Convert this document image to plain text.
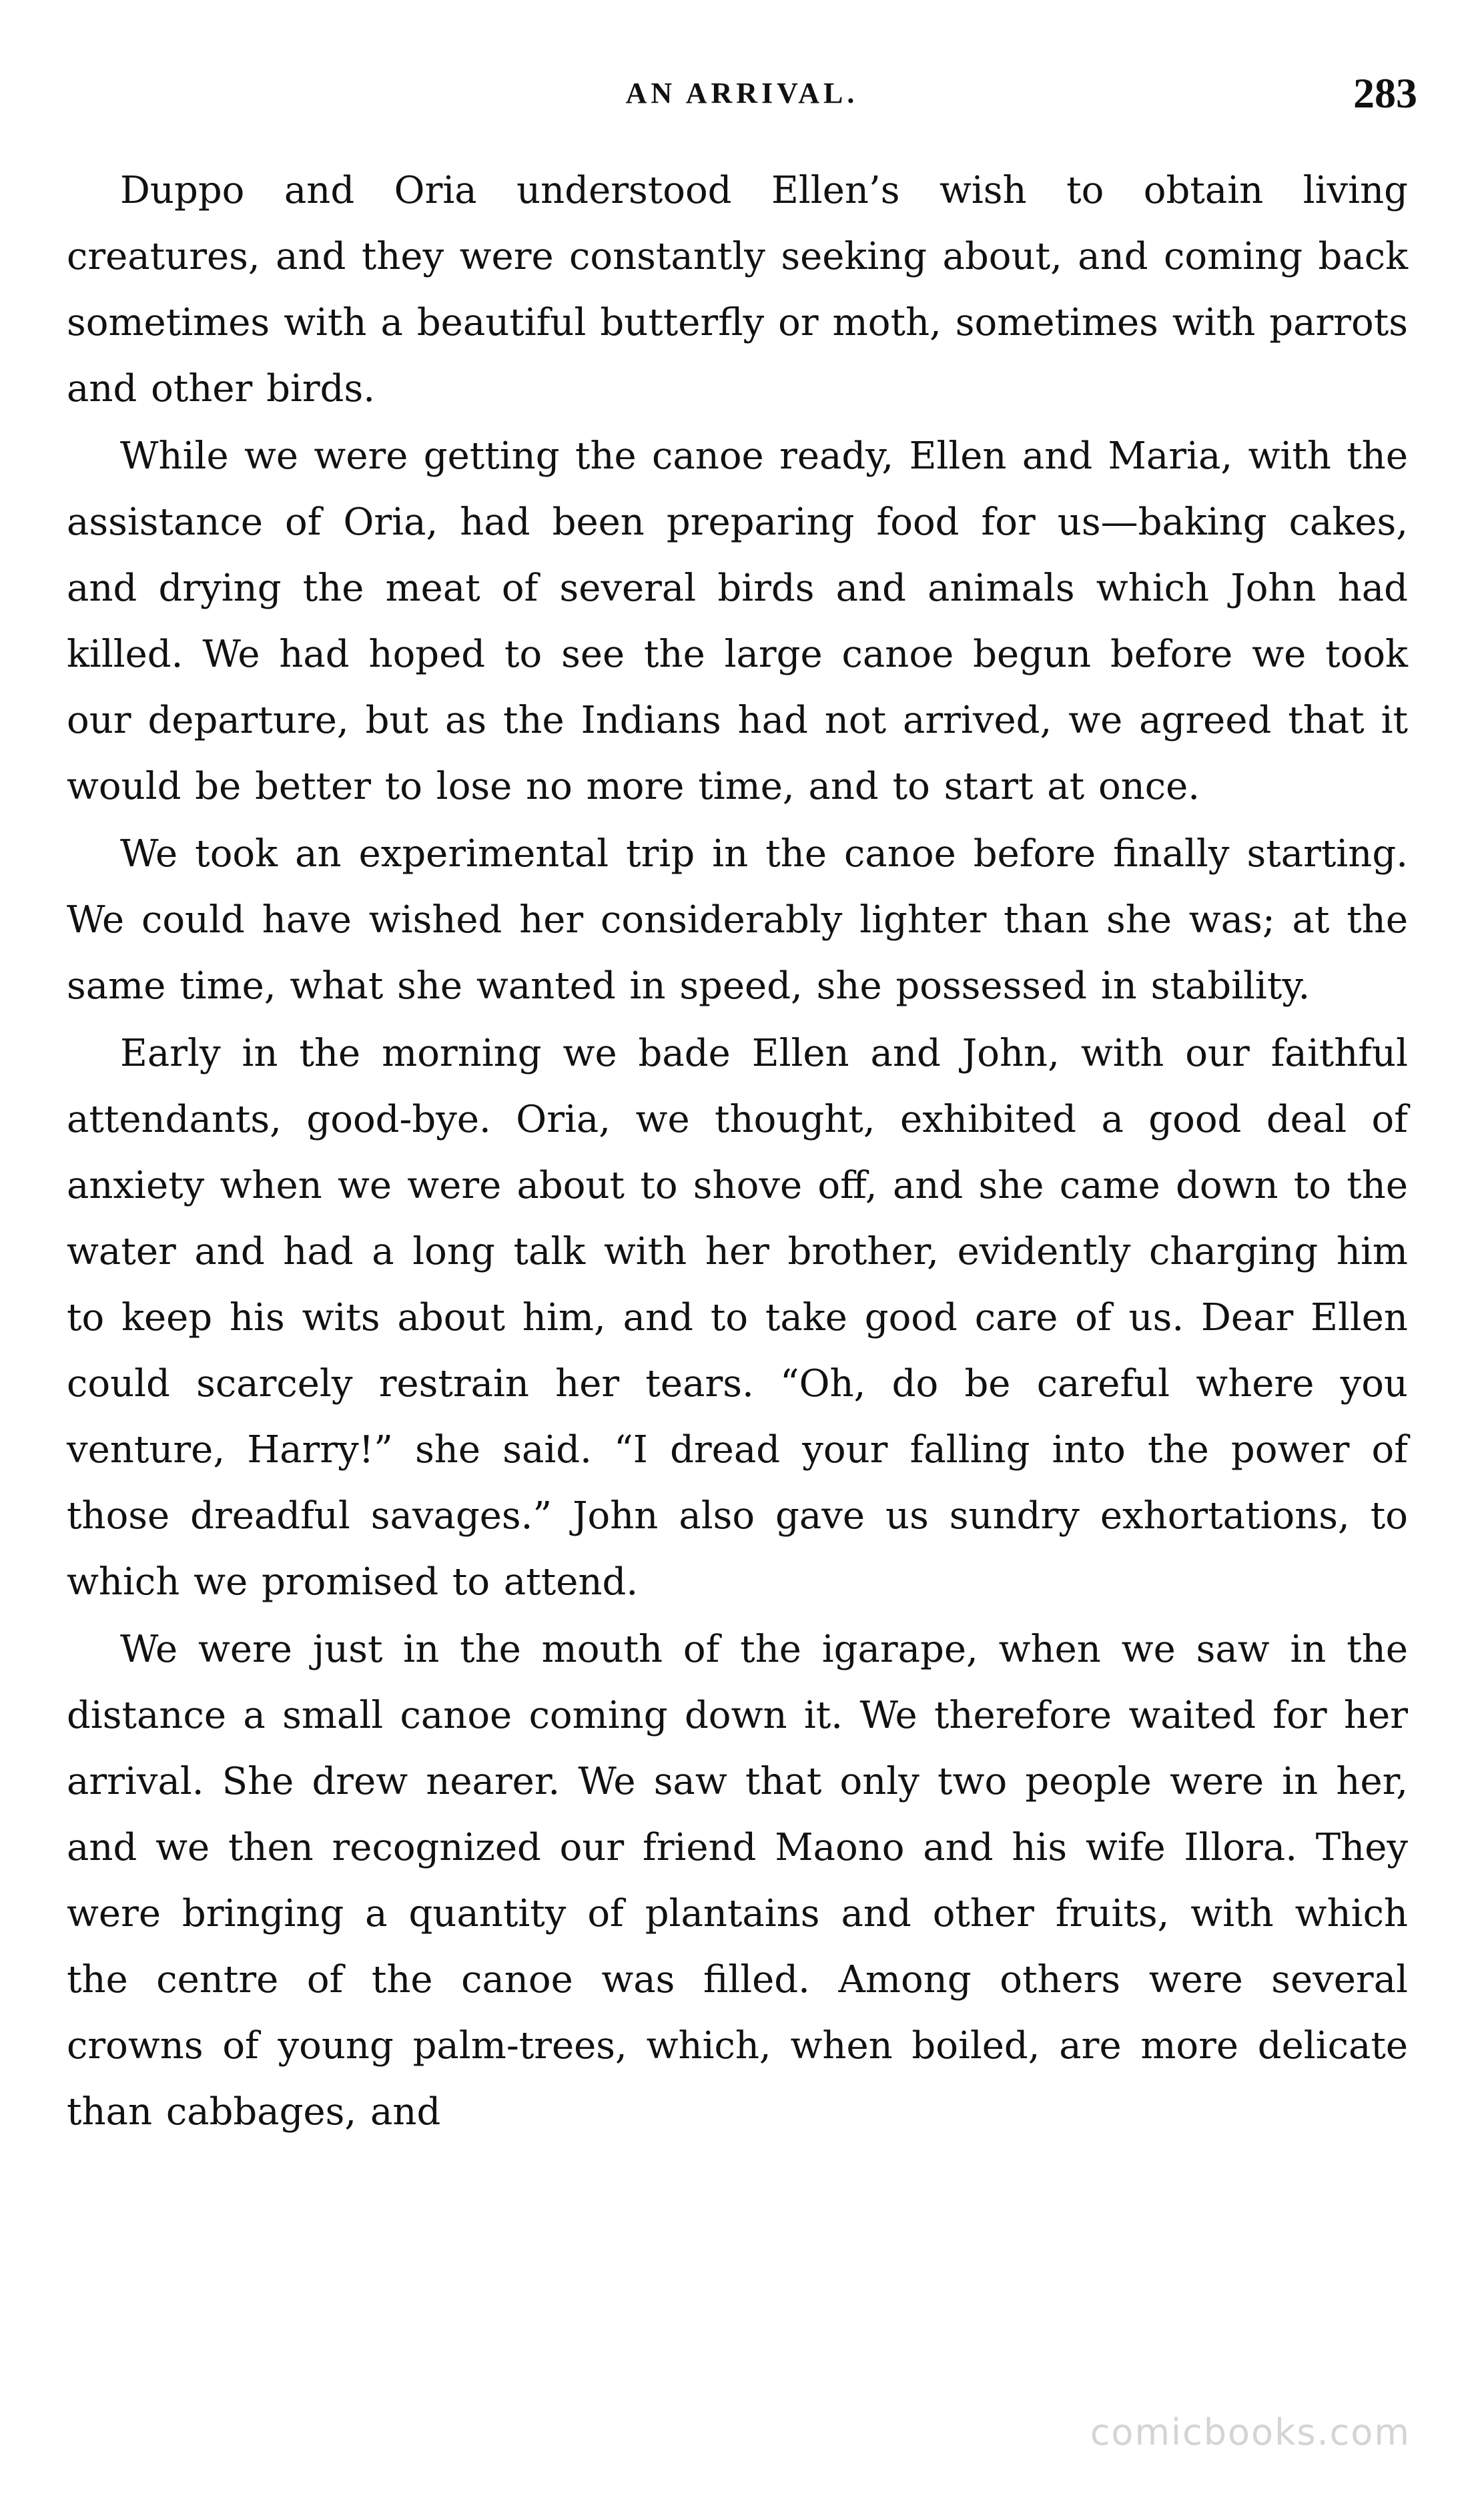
AN ARRIVAL.	283

Duppo and Oria understood Ellen’s wish to obtain living creatures, and they were constantly seeking about, and coming back sometimes with a beautiful butterfly or moth, sometimes with parrots and other birds.

While we were getting the canoe ready, Ellen and Maria, with the assistance of Oria, had been preparing food for us—baking cakes, and drying the meat of several birds and animals which John had killed. We had hoped to see the large canoe begun before we took our departure, but as the Indians had not arrived, we agreed that it would be better to lose no more time, and to start at once.

We took an experimental trip in the canoe before finally starting. We could have wished her considerably lighter than she was; at the same time, what she wanted in speed, she possessed in stability.

Early in the morning we bade Ellen and John, with our faithful attendants, good-bye. Oria, we thought, exhibited a good deal of anxiety when we were about to shove off, and she came down to the water and had a long talk with her brother, evidently charging him to keep his wits about him, and to take good care of us. Dear Ellen could scarcely restrain her tears. “Oh, do be careful where you venture, Harry!” she said. “I dread your falling into the power of those dreadful savages.” John also gave us sundry exhortations, to which we promised to attend.

We were just in the mouth of the igarape, when we saw in the distance a small canoe coming down it. We therefore waited for her arrival. She drew nearer. We saw that only two people were in her, and we then recognized our friend Maono and his wife Illora. They were bringing a quantity of plantains and other fruits, with which the centre of the canoe was filled. Among others were several crowns of young palm-trees, which, when boiled, are more delicate than cabbages, and

comicbooks.com
